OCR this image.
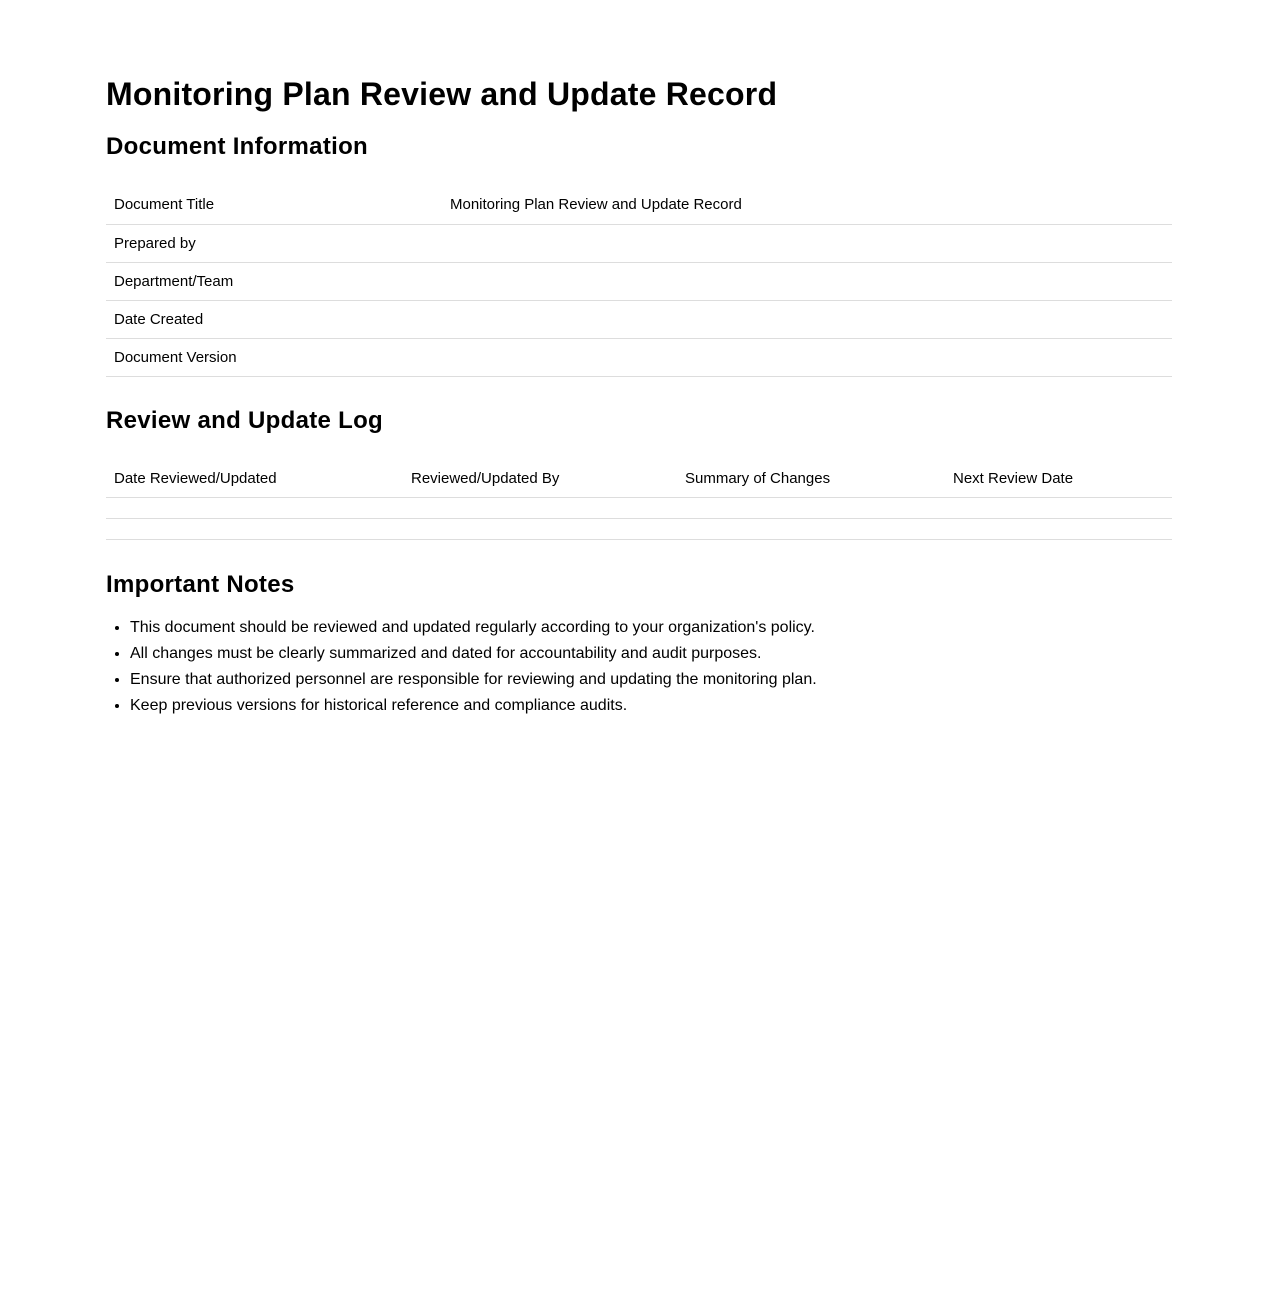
Monitoring Plan Review and Update Record
Document Information
Document Title	Monitoring Plan Review and Update Record
Prepared by	
Department/Team	
Date Created	
Document Version	
Review and Update Log
Date Reviewed/Updated	Reviewed/Updated By	Summary of Changes	Next Review Date

Important Notes
• This document should be reviewed and updated regularly according to your organization's policy.
• All changes must be clearly summarized and dated for accountability and audit purposes.
• Ensure that authorized personnel are responsible for reviewing and updating the monitoring plan.
• Keep previous versions for historical reference and compliance audits.
